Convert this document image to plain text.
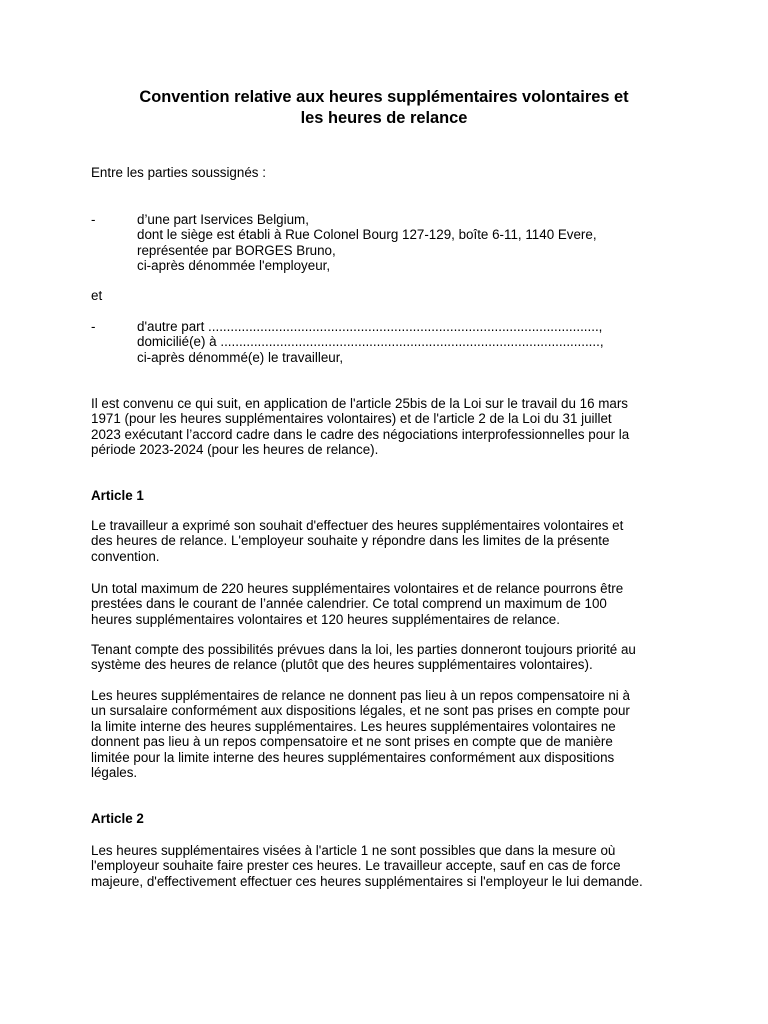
Convention relative aux heures supplémentaires volontaires et
les heures de relance
Entre les parties soussignés :
-	d’une part Iservices Belgium,
dont le siège est établi à Rue Colonel Bourg 127-129, boîte 6-11, 1140 Evere,
représentée par BORGES Bruno,
ci-après dénommée l'employeur,
et
-	d'autre part .........................................................................................................,
domicilié(e) à ......................................................................................................,
ci-après dénommé(e) le travailleur,
Il est convenu ce qui suit, en application de l'article 25bis de la Loi sur le travail du 16 mars
1971 (pour les heures supplémentaires volontaires) et de l'article 2 de la Loi du 31 juillet
2023 exécutant l’accord cadre dans le cadre des négociations interprofessionnelles pour la
période 2023-2024 (pour les heures de relance).
Article 1
Le travailleur a exprimé son souhait d'effectuer des heures supplémentaires volontaires et
des heures de relance. L'employeur souhaite y répondre dans les limites de la présente
convention.
Un total maximum de 220 heures supplémentaires volontaires et de relance pourrons être
prestées dans le courant de l’année calendrier. Ce total comprend un maximum de 100
heures supplémentaires volontaires et 120 heures supplémentaires de relance.
Tenant compte des possibilités prévues dans la loi, les parties donneront toujours priorité au
système des heures de relance (plutôt que des heures supplémentaires volontaires).
Les heures supplémentaires de relance ne donnent pas lieu à un repos compensatoire ni à
un sursalaire conformément aux dispositions légales, et ne sont pas prises en compte pour
la limite interne des heures supplémentaires. Les heures supplémentaires volontaires ne
donnent pas lieu à un repos compensatoire et ne sont prises en compte que de manière
limitée pour la limite interne des heures supplémentaires conformément aux dispositions
légales.
Article 2
Les heures supplémentaires visées à l'article 1 ne sont possibles que dans la mesure où
l'employeur souhaite faire prester ces heures. Le travailleur accepte, sauf en cas de force
majeure, d'effectivement effectuer ces heures supplémentaires si l'employeur le lui demande.
